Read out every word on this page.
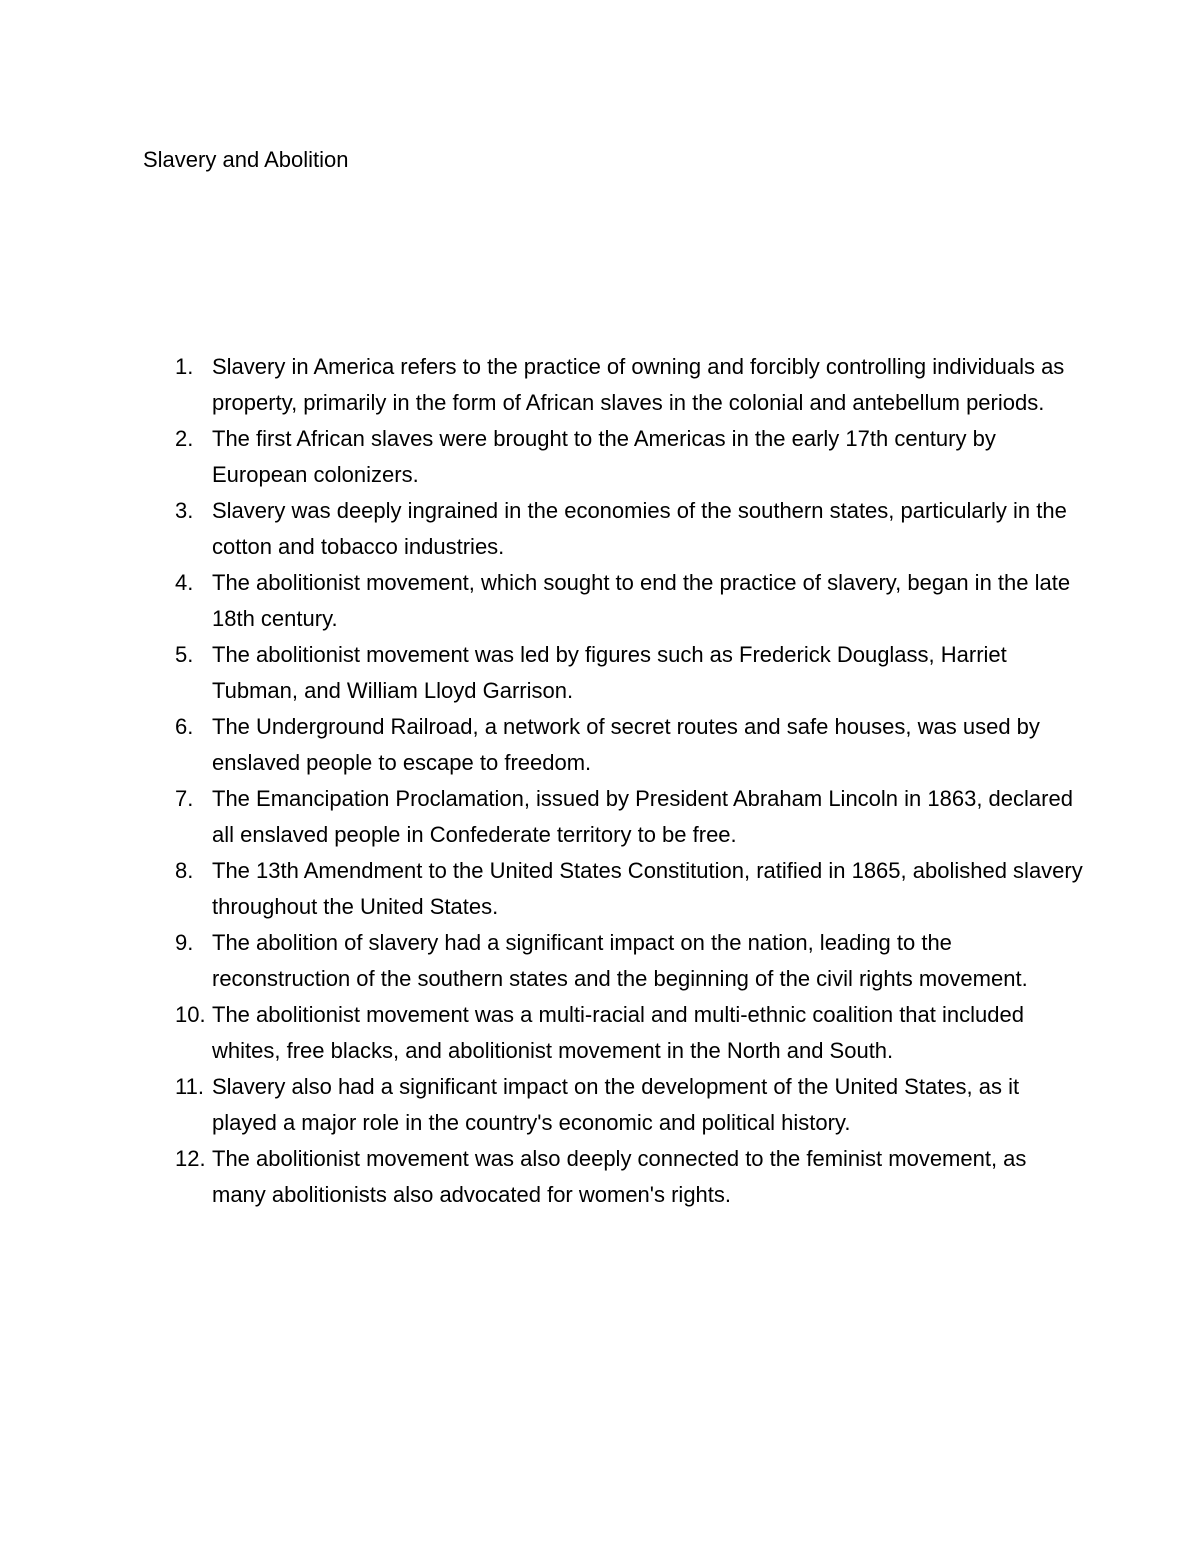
Slavery and Abolition
1. Slavery in America refers to the practice of owning and forcibly controlling individuals as property, primarily in the form of African slaves in the colonial and antebellum periods.
2. The first African slaves were brought to the Americas in the early 17th century by European colonizers.
3. Slavery was deeply ingrained in the economies of the southern states, particularly in the cotton and tobacco industries.
4. The abolitionist movement, which sought to end the practice of slavery, began in the late 18th century.
5. The abolitionist movement was led by figures such as Frederick Douglass, Harriet Tubman, and William Lloyd Garrison.
6. The Underground Railroad, a network of secret routes and safe houses, was used by enslaved people to escape to freedom.
7. The Emancipation Proclamation, issued by President Abraham Lincoln in 1863, declared all enslaved people in Confederate territory to be free.
8. The 13th Amendment to the United States Constitution, ratified in 1865, abolished slavery throughout the United States.
9. The abolition of slavery had a significant impact on the nation, leading to the reconstruction of the southern states and the beginning of the civil rights movement.
10. The abolitionist movement was a multi-racial and multi-ethnic coalition that included whites, free blacks, and abolitionist movement in the North and South.
11. Slavery also had a significant impact on the development of the United States, as it played a major role in the country's economic and political history.
12. The abolitionist movement was also deeply connected to the feminist movement, as many abolitionists also advocated for women's rights.
